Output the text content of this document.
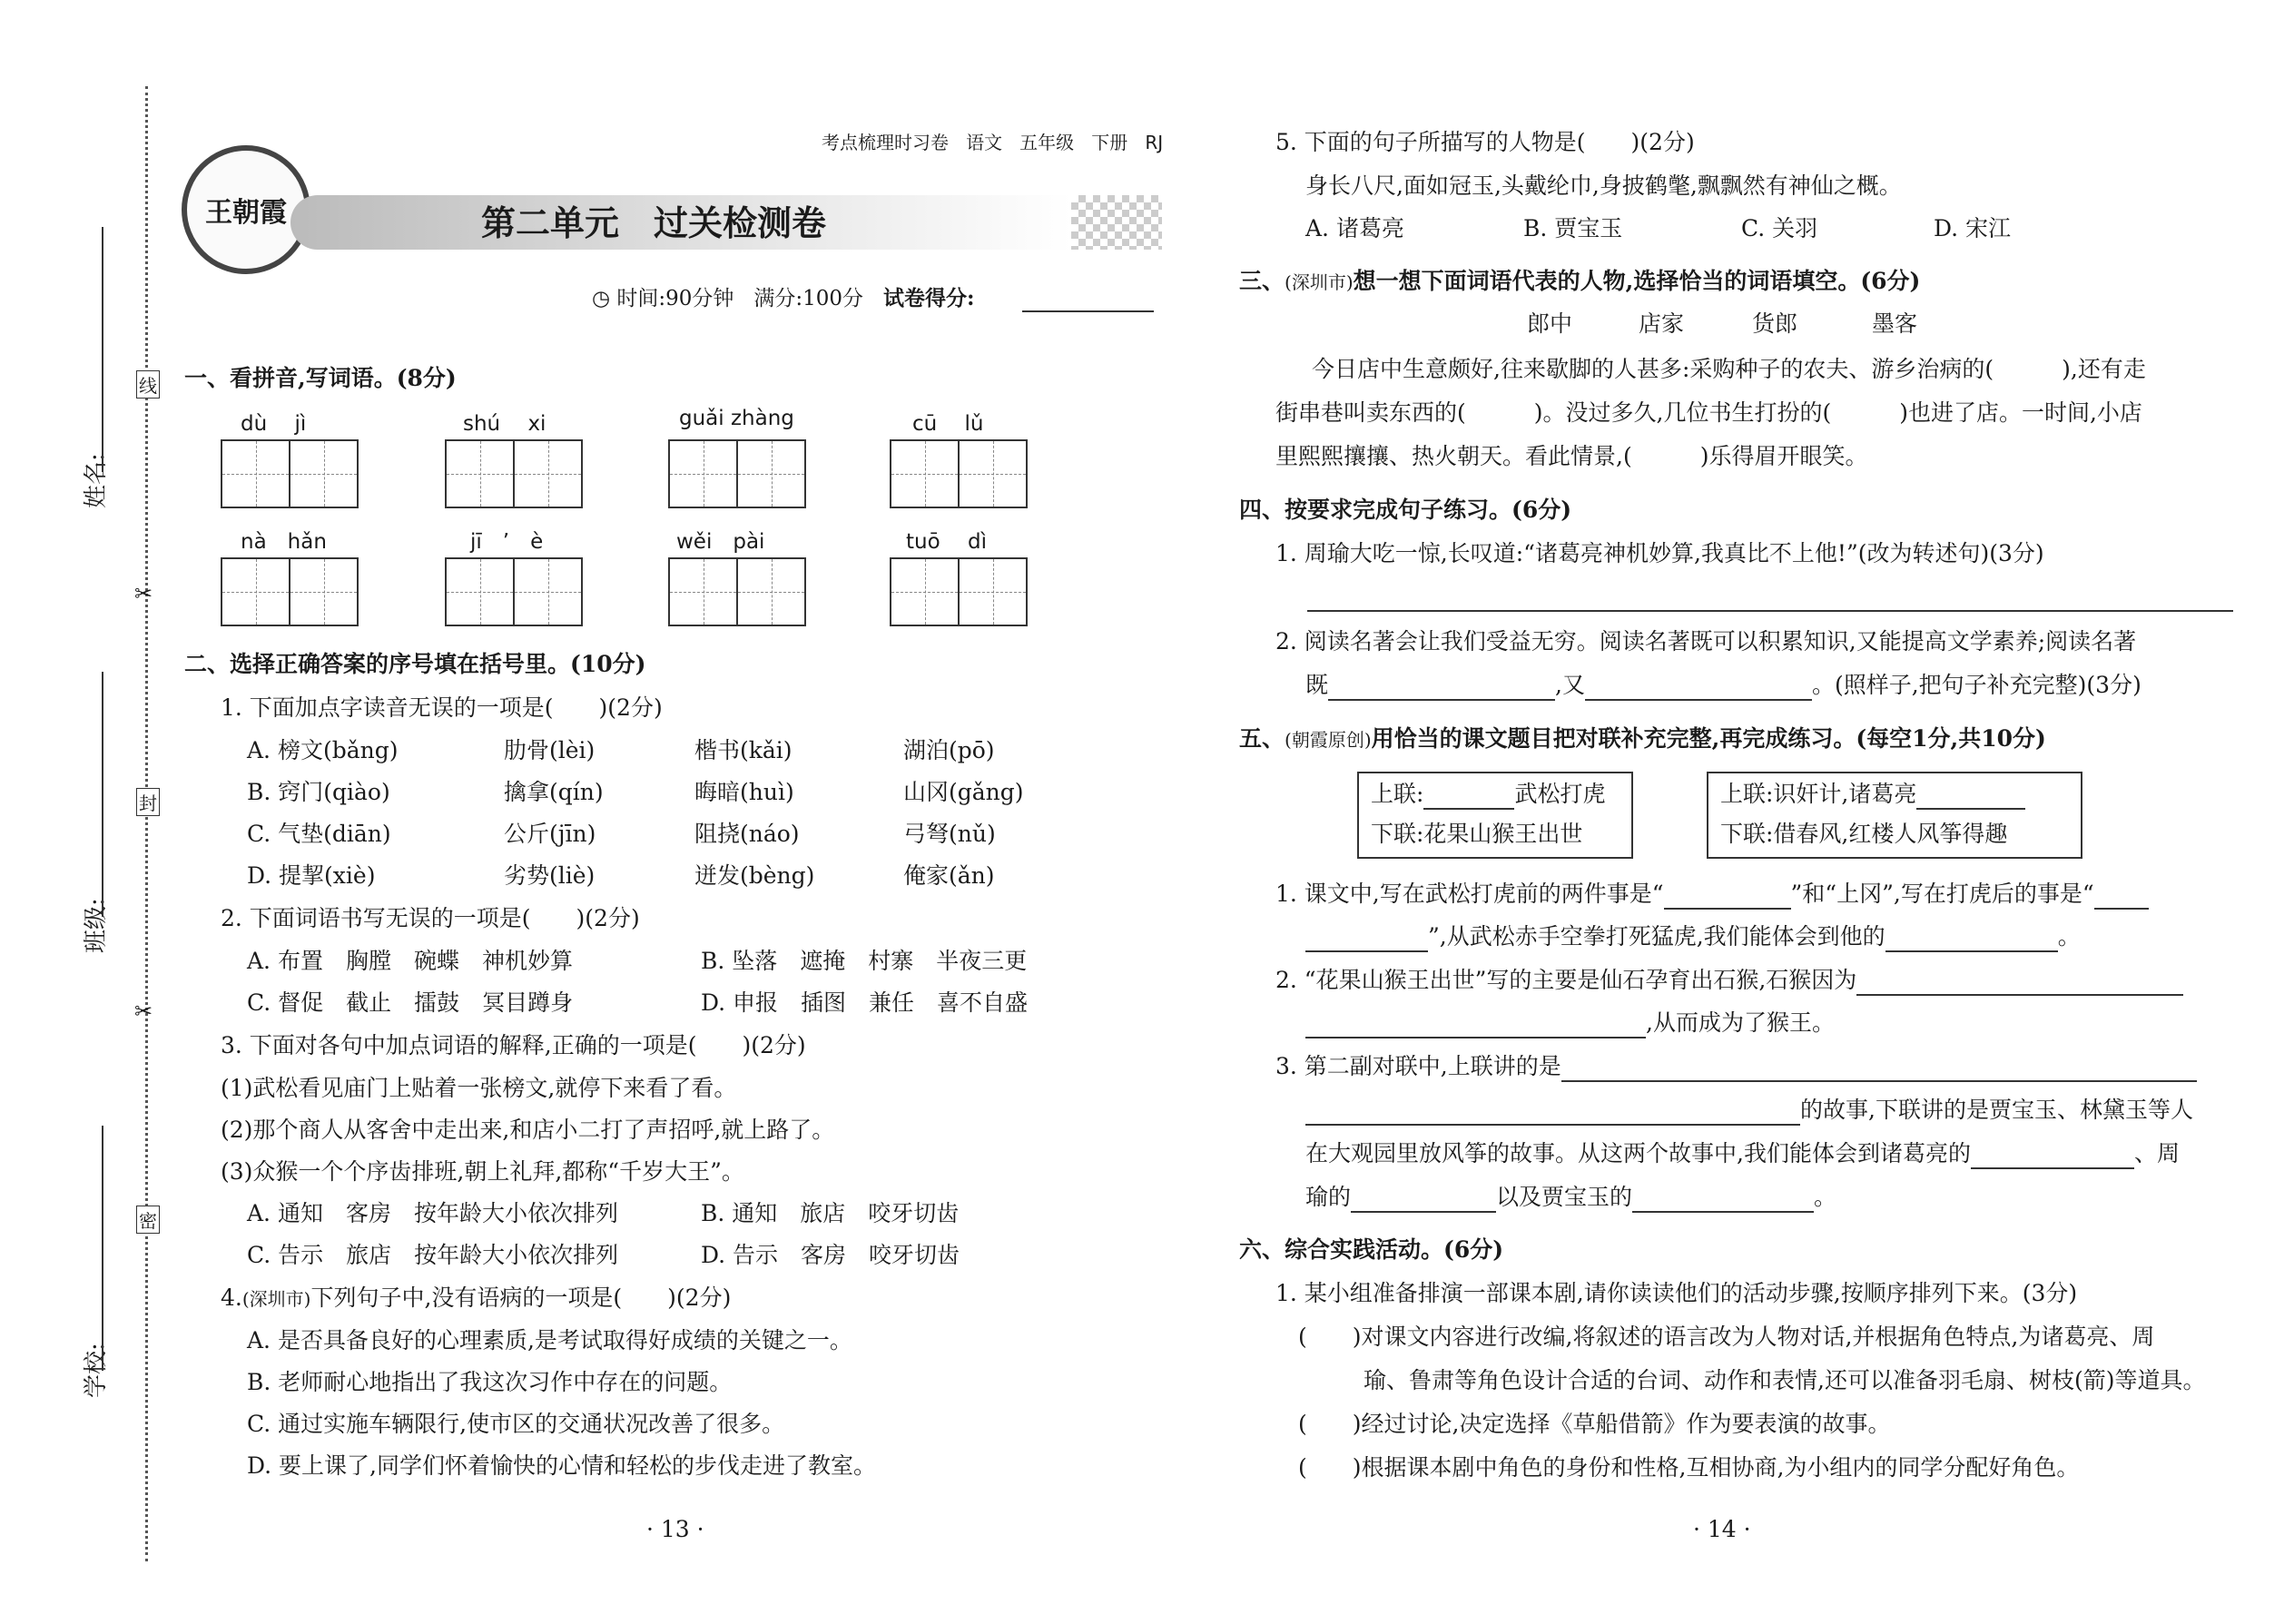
姓名:
班级:
学校:
线
封
密
✂
✂
王朝霞	第二单元　过关检测卷
考点梳理时习卷 语文 五年级 下册 RJ
◷ 时间:90分钟 满分:100分 试卷得分:
一、看拼音,写词语。(8分)
dù　 jì	shú　 xi	guǎi zhàng	cū　 lǔ
nà　hǎn	jī　’　è	wěi　pài	tuō　 dì
二、选择正确答案的序号填在括号里。(10分)
1. 下面加点字读音无误的一项是(　　)(2分)
A. 榜文(bǎng)	肋骨(lèi)	楷书(kǎi)	湖泊(pō)
B. 窍门(qiào)	擒拿(qín)	晦暗(huì)	山冈(gǎng)
C. 气垫(diān)	公斤(jīn)	阻挠(náo)	弓弩(nǔ)
D. 提挈(xiè)	劣势(liè)	迸发(bèng)	俺家(ǎn)
2. 下面词语书写无误的一项是(　　)(2分)
A. 布置　胸膛　碗蝶　神机妙算	B. 坠落　遮掩　村寨　半夜三更
C. 督促　截止　擂鼓　冥目蹲身	D. 申报　插图　兼任　喜不自盛
3. 下面对各句中加点词语的解释,正确的一项是(　　)(2分)
(1)武松看见庙门上贴着一张榜文,就停下来看了看。
(2)那个商人从客舍中走出来,和店小二打了声招呼,就上路了。
(3)众猴一个个序齿排班,朝上礼拜,都称“千岁大王”。
A. 通知　客房　按年龄大小依次排列	B. 通知　旅店　咬牙切齿
C. 告示　旅店　按年龄大小依次排列	D. 告示　客房　咬牙切齿
4.(深圳市)下列句子中,没有语病的一项是(　　)(2分)
A. 是否具备良好的心理素质,是考试取得好成绩的关键之一。
B. 老师耐心地指出了我这次习作中存在的问题。
C. 通过实施车辆限行,使市区的交通状况改善了很多。
D. 要上课了,同学们怀着愉快的心情和轻松的步伐走进了教室。
· 13 ·
5. 下面的句子所描写的人物是(　　)(2分)
身长八尺,面如冠玉,头戴纶巾,身披鹤氅,飘飘然有神仙之概。
A. 诸葛亮	B. 贾宝玉	C. 关羽	D. 宋江
三、(深圳市)想一想下面词语代表的人物,选择恰当的词语填空。(6分)
郎中	店家	货郎	墨客
今日店中生意颇好,往来歇脚的人甚多:采购种子的农夫、游乡治病的(　　　),还有走
街串巷叫卖东西的(　　　)。没过多久,几位书生打扮的(　　　)也进了店。一时间,小店
里熙熙攘攘、热火朝天。看此情景,(　　　)乐得眉开眼笑。
四、按要求完成句子练习。(6分)
1. 周瑜大吃一惊,长叹道:“诸葛亮神机妙算,我真比不上他!”(改为转述句)(3分)
2. 阅读名著会让我们受益无穷。阅读名著既可以积累知识,又能提高文学素养;阅读名著
既	,又	。(照样子,把句子补充完整)(3分)
五、(朝霞原创)用恰当的课文题目把对联补充完整,再完成练习。(每空1分,共10分)
上联:	武松打虎
下联:花果山猴王出世
上联:识奸计,诸葛亮
下联:借春风,红楼人风筝得趣
1. 课文中,写在武松打虎前的两件事是“	”和“上冈”,写在打虎后的事是“
”,从武松赤手空拳打死猛虎,我们能体会到他的	。
2. “花果山猴王出世”写的主要是仙石孕育出石猴,石猴因为
,从而成为了猴王。
3. 第二副对联中,上联讲的是
的故事,下联讲的是贾宝玉、林黛玉等人
在大观园里放风筝的故事。从这两个故事中,我们能体会到诸葛亮的	、周
瑜的	以及贾宝玉的	。
六、综合实践活动。(6分)
1. 某小组准备排演一部课本剧,请你读读他们的活动步骤,按顺序排列下来。(3分)
(　　)对课文内容进行改编,将叙述的语言改为人物对话,并根据角色特点,为诸葛亮、周
瑜、鲁肃等角色设计合适的台词、动作和表情,还可以准备羽毛扇、树枝(箭)等道具。
(　　)经过讨论,决定选择《草船借箭》作为要表演的故事。
(　　)根据课本剧中角色的身份和性格,互相协商,为小组内的同学分配好角色。
· 14 ·
